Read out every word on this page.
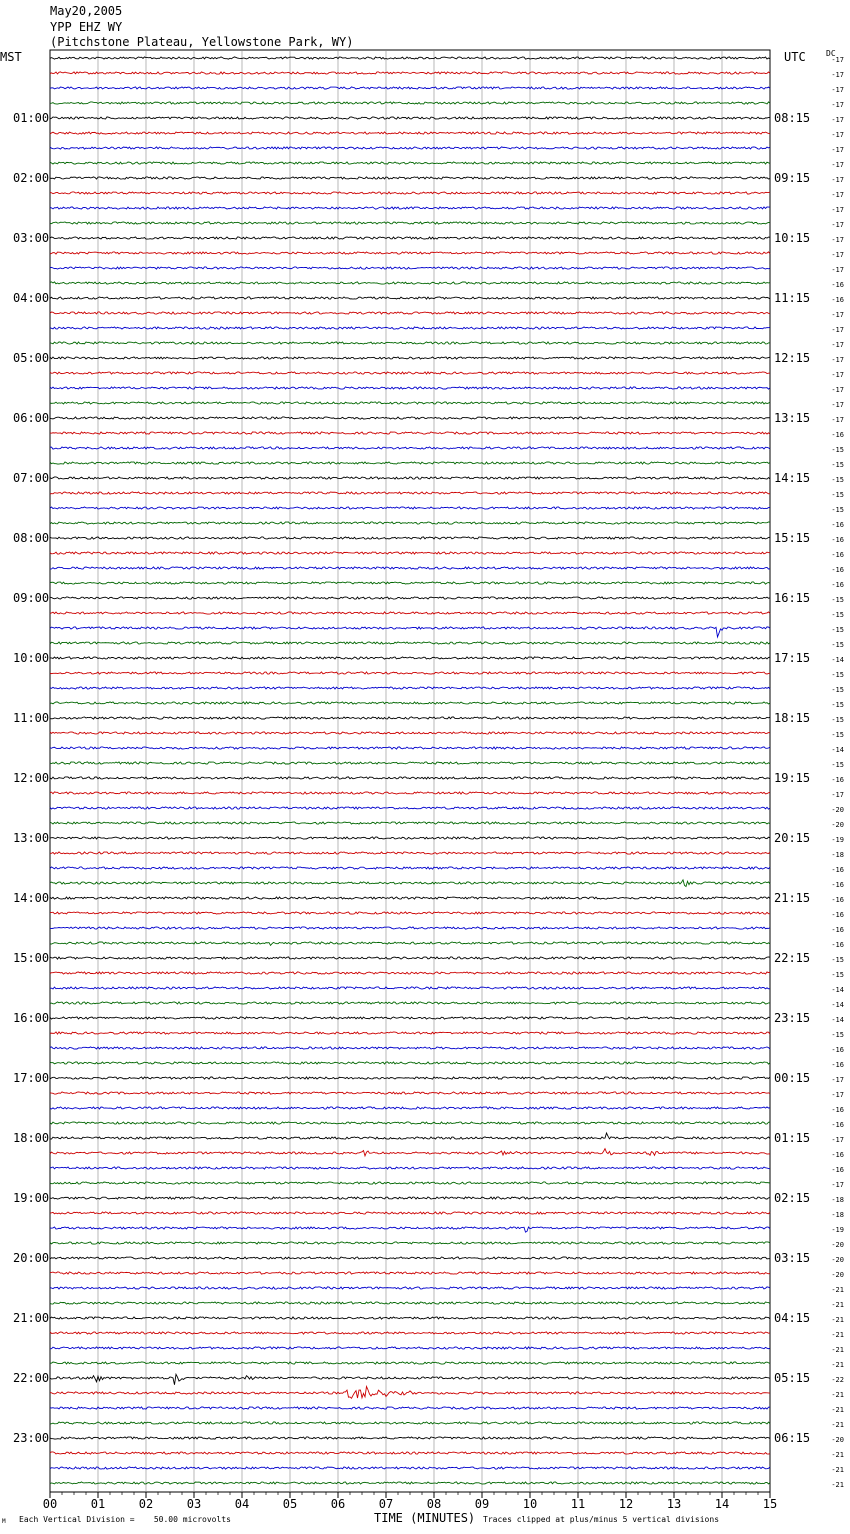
May20,2005
YPP EHZ WY
(Pitchstone Plateau, Yellowstone Park, WY)
MST	UTC	DC
00	01	02	03	04	05	06	07	08	09	10	11	12	13	14	15
-17
-17
-17
-17
-17
01:00	08:15
-17
-17
-17
-17
02:00	09:15
-17
-17
-17
-17
03:00	10:15
-17
-17
-16
-16
04:00	11:15
-17
-17
-17
-17
05:00	12:15
-17
-17
-17
-17
06:00	13:15
-16
-15
-15
-15
07:00	14:15
-15
-15
-16
-16
08:00	15:15
-16
-16
-16
-15
09:00	16:15
-15
-15
-15
-14
10:00	17:15
-15
-15
-15
-15
11:00	18:15
-15
-14
-15
-16
12:00	19:15
-17
-20
-20
-19
13:00	20:15
-18
-16
-16
-16
14:00	21:15
-16
-16
-16
-15
15:00	22:15
-15
-14
-14
-14
16:00	23:15
-15
-16
-16
-17
17:00	00:15
-17
-16
-16
-17
18:00	01:15
-16
-16
-17
-18
19:00	02:15
-18
-19
-20
-20
20:00	03:15
-20
-21
-21
-21
21:00	04:15
-21
-21
-21
-22
22:00	05:15
-21
-21
-21
-20
23:00	06:15
-21
-21
-21
TIME (MINUTES)
Each Vertical Division =    50.00 microvolts	Traces clipped at plus/minus 5 vertical divisions
M
